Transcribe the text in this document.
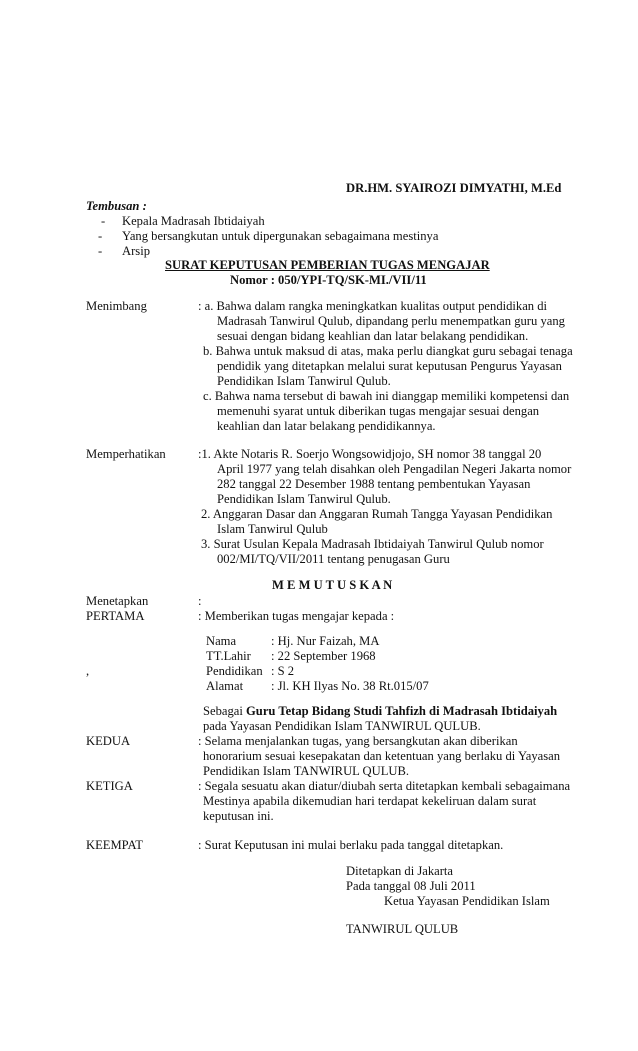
DR.HM. SYAIROZI DIMYATHI, M.Ed
Tembusan :
- Kepala Madrasah Ibtidaiyah
- Yang bersangkutan untuk dipergunakan sebagaimana mestinya
- Arsip
SURAT KEPUTUSAN PEMBERIAN TUGAS MENGAJAR
Nomor : 050/YPI-TQ/SK-MI./VII/11
Menimbang	: a. Bahwa dalam rangka meningkatkan kualitas output pendidikan di
Madrasah Tanwirul Qulub, dipandang perlu menempatkan guru yang
sesuai dengan bidang keahlian dan latar belakang pendidikan.
b. Bahwa untuk maksud di atas, maka perlu diangkat guru sebagai tenaga
pendidik yang ditetapkan melalui surat keputusan Pengurus Yayasan
Pendidikan Islam Tanwirul Qulub.
c. Bahwa nama tersebut di bawah ini dianggap memiliki kompetensi dan
memenuhi syarat untuk diberikan tugas mengajar sesuai dengan
keahlian dan latar belakang pendidikannya.
Memperhatikan	:1. Akte Notaris R. Soerjo Wongsowidjojo, SH nomor 38 tanggal 20
April 1977 yang telah disahkan oleh Pengadilan Negeri Jakarta nomor
282 tanggal 22 Desember 1988 tentang pembentukan Yayasan
Pendidikan Islam Tanwirul Qulub.
2. Anggaran Dasar dan Anggaran Rumah Tangga Yayasan Pendidikan
Islam Tanwirul Qulub
3. Surat Usulan Kepala Madrasah Ibtidaiyah Tanwirul Qulub nomor
002/MI/TQ/VII/2011 tentang penugasan Guru
M E M U T U S K A N
Menetapkan	:
PERTAMA	: Memberikan tugas mengajar kepada :
Nama	: Hj. Nur Faizah, MA
TT.Lahir : 22 September 1968
,	Pendidikan : S 2
Alamat : Jl. KH Ilyas No. 38 Rt.015/07
Sebagai Guru Tetap Bidang Studi Tahfizh di Madrasah Ibtidaiyah
pada Yayasan Pendidikan Islam TANWIRUL QULUB.
KEDUA	: Selama menjalankan tugas, yang bersangkutan akan diberikan
honorarium sesuai kesepakatan dan ketentuan yang berlaku di Yayasan
Pendidikan Islam TANWIRUL QULUB.
KETIGA	: Segala sesuatu akan diatur/diubah serta ditetapkan kembali sebagaimana
Mestinya apabila dikemudian hari terdapat kekeliruan dalam surat
keputusan ini.
KEEMPAT	: Surat Keputusan ini mulai berlaku pada tanggal ditetapkan.
Ditetapkan di Jakarta
Pada tanggal 08 Juli 2011
Ketua Yayasan Pendidikan Islam
TANWIRUL QULUB
